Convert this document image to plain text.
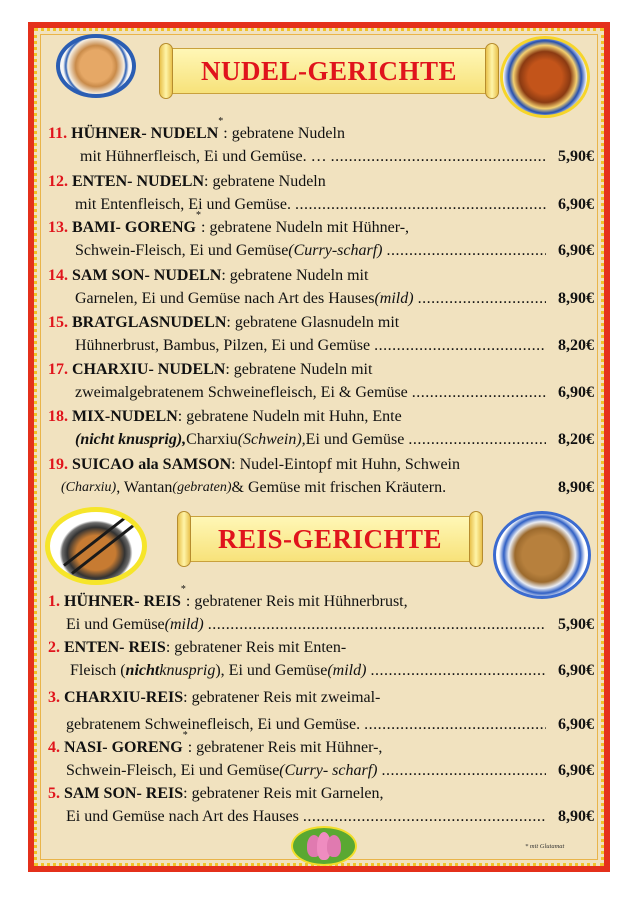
NUDEL-GERICHTE
11.
HÜHNER- NUDELN
*
: gebratene Nudeln
mit Hühnerfleisch, Ei und Gemüse. … .....	5,90€
12.
ENTEN- NUDELN : gebratene Nudeln
mit Entenfleisch, Ei und Gemüse. .....	6,90€
13.
BAMI- GORENG
*
: gebratene Nudeln mit Hühner-,
Schwein-Fleisch, Ei und Gemüse (Curry-scharf) .....	6,90€
14.
SAM SON- NUDELN : gebratene Nudeln mit
Garnelen, Ei und Gemüse nach Art des Hauses (mild) .....	8,90€
15.
BRATGLASNUDELN : gebratene Glasnudeln mit
Hühnerbrust, Bambus, Pilzen, Ei und Gemüse .....	8,20€
17.
CHARXIU- NUDELN : gebratene Nudeln mit
zweimalgebratenem Schweinefleisch, Ei & Gemüse .....	6,90€
18.
MIX-NUDELN : gebratene Nudeln mit Huhn, Ente
(nicht knusprig), Charxiu (Schwein), Ei und Gemüse .....	8,20€
19.
SUICAO ala SAMSON : Nudel-Eintopf mit Huhn, Schwein
(Charxiu) , Wantan (gebraten) & Gemüse mit frischen Kräutern.	8,90€
REIS-GERICHTE
1.
HÜHNER- REIS
*
: gebratener Reis mit Hühnerbrust,
Ei und Gemüse (mild) .....	5,90€
2.
ENTEN- REIS : gebratener Reis mit Enten-
Fleisch ( nicht knusprig ), Ei und Gemüse (mild) .....	6,90€
3.
CHARXIU-REIS : gebratener Reis mit zweimal-
gebratenem Schweinefleisch, Ei und Gemüse. .....	6,90€
4.
NASI- GORENG
*
: gebratener Reis mit Hühner-,
Schwein-Fleisch, Ei und Gemüse (Curry- scharf) .....	6,90€
5.
SAM SON- REIS : gebratener Reis mit Garnelen,
Ei und Gemüse nach Art des Hauses .....	8,90€
* mit Glutamat
